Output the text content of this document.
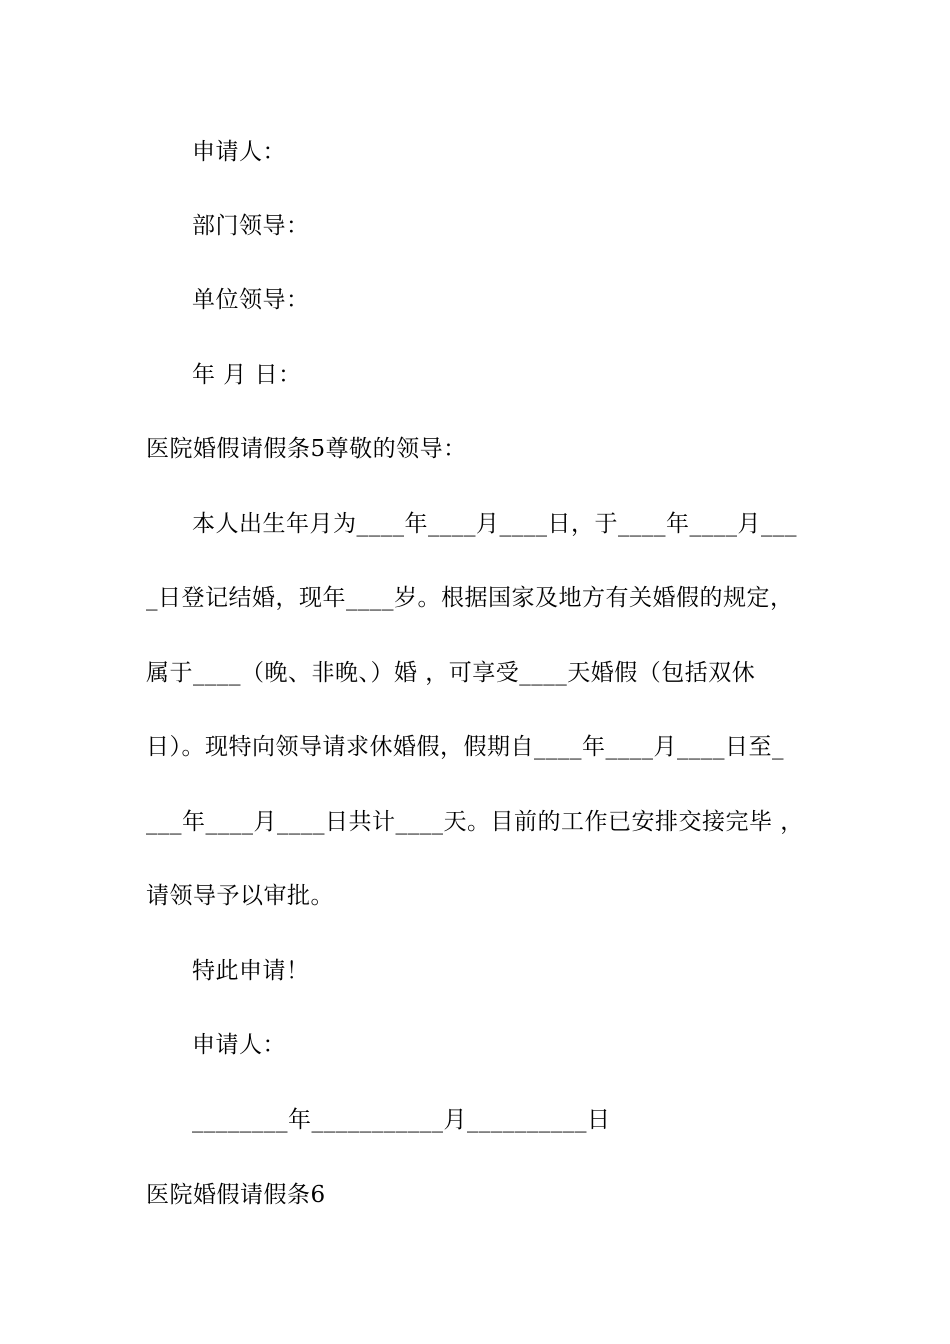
申请人：
部门领导：
单位领导：
年 月 日：
医院婚假请假条5尊敬的领导：
本人出生年月为____年____月____日，于____年____月___
_日登记结婚，现年____岁。根据国家及地方有关婚假的规定，
属于____（晚、非晚、）婚 ，可享受____天婚假（包括双休
日）。现特向领导请求休婚假，假期自____年____月____日至_
___年____月____日共计____天。目前的工作已安排交接完毕 ，
请领导予以审批。
特此申请！
申请人：
________年___________月__________日
医院婚假请假条6
